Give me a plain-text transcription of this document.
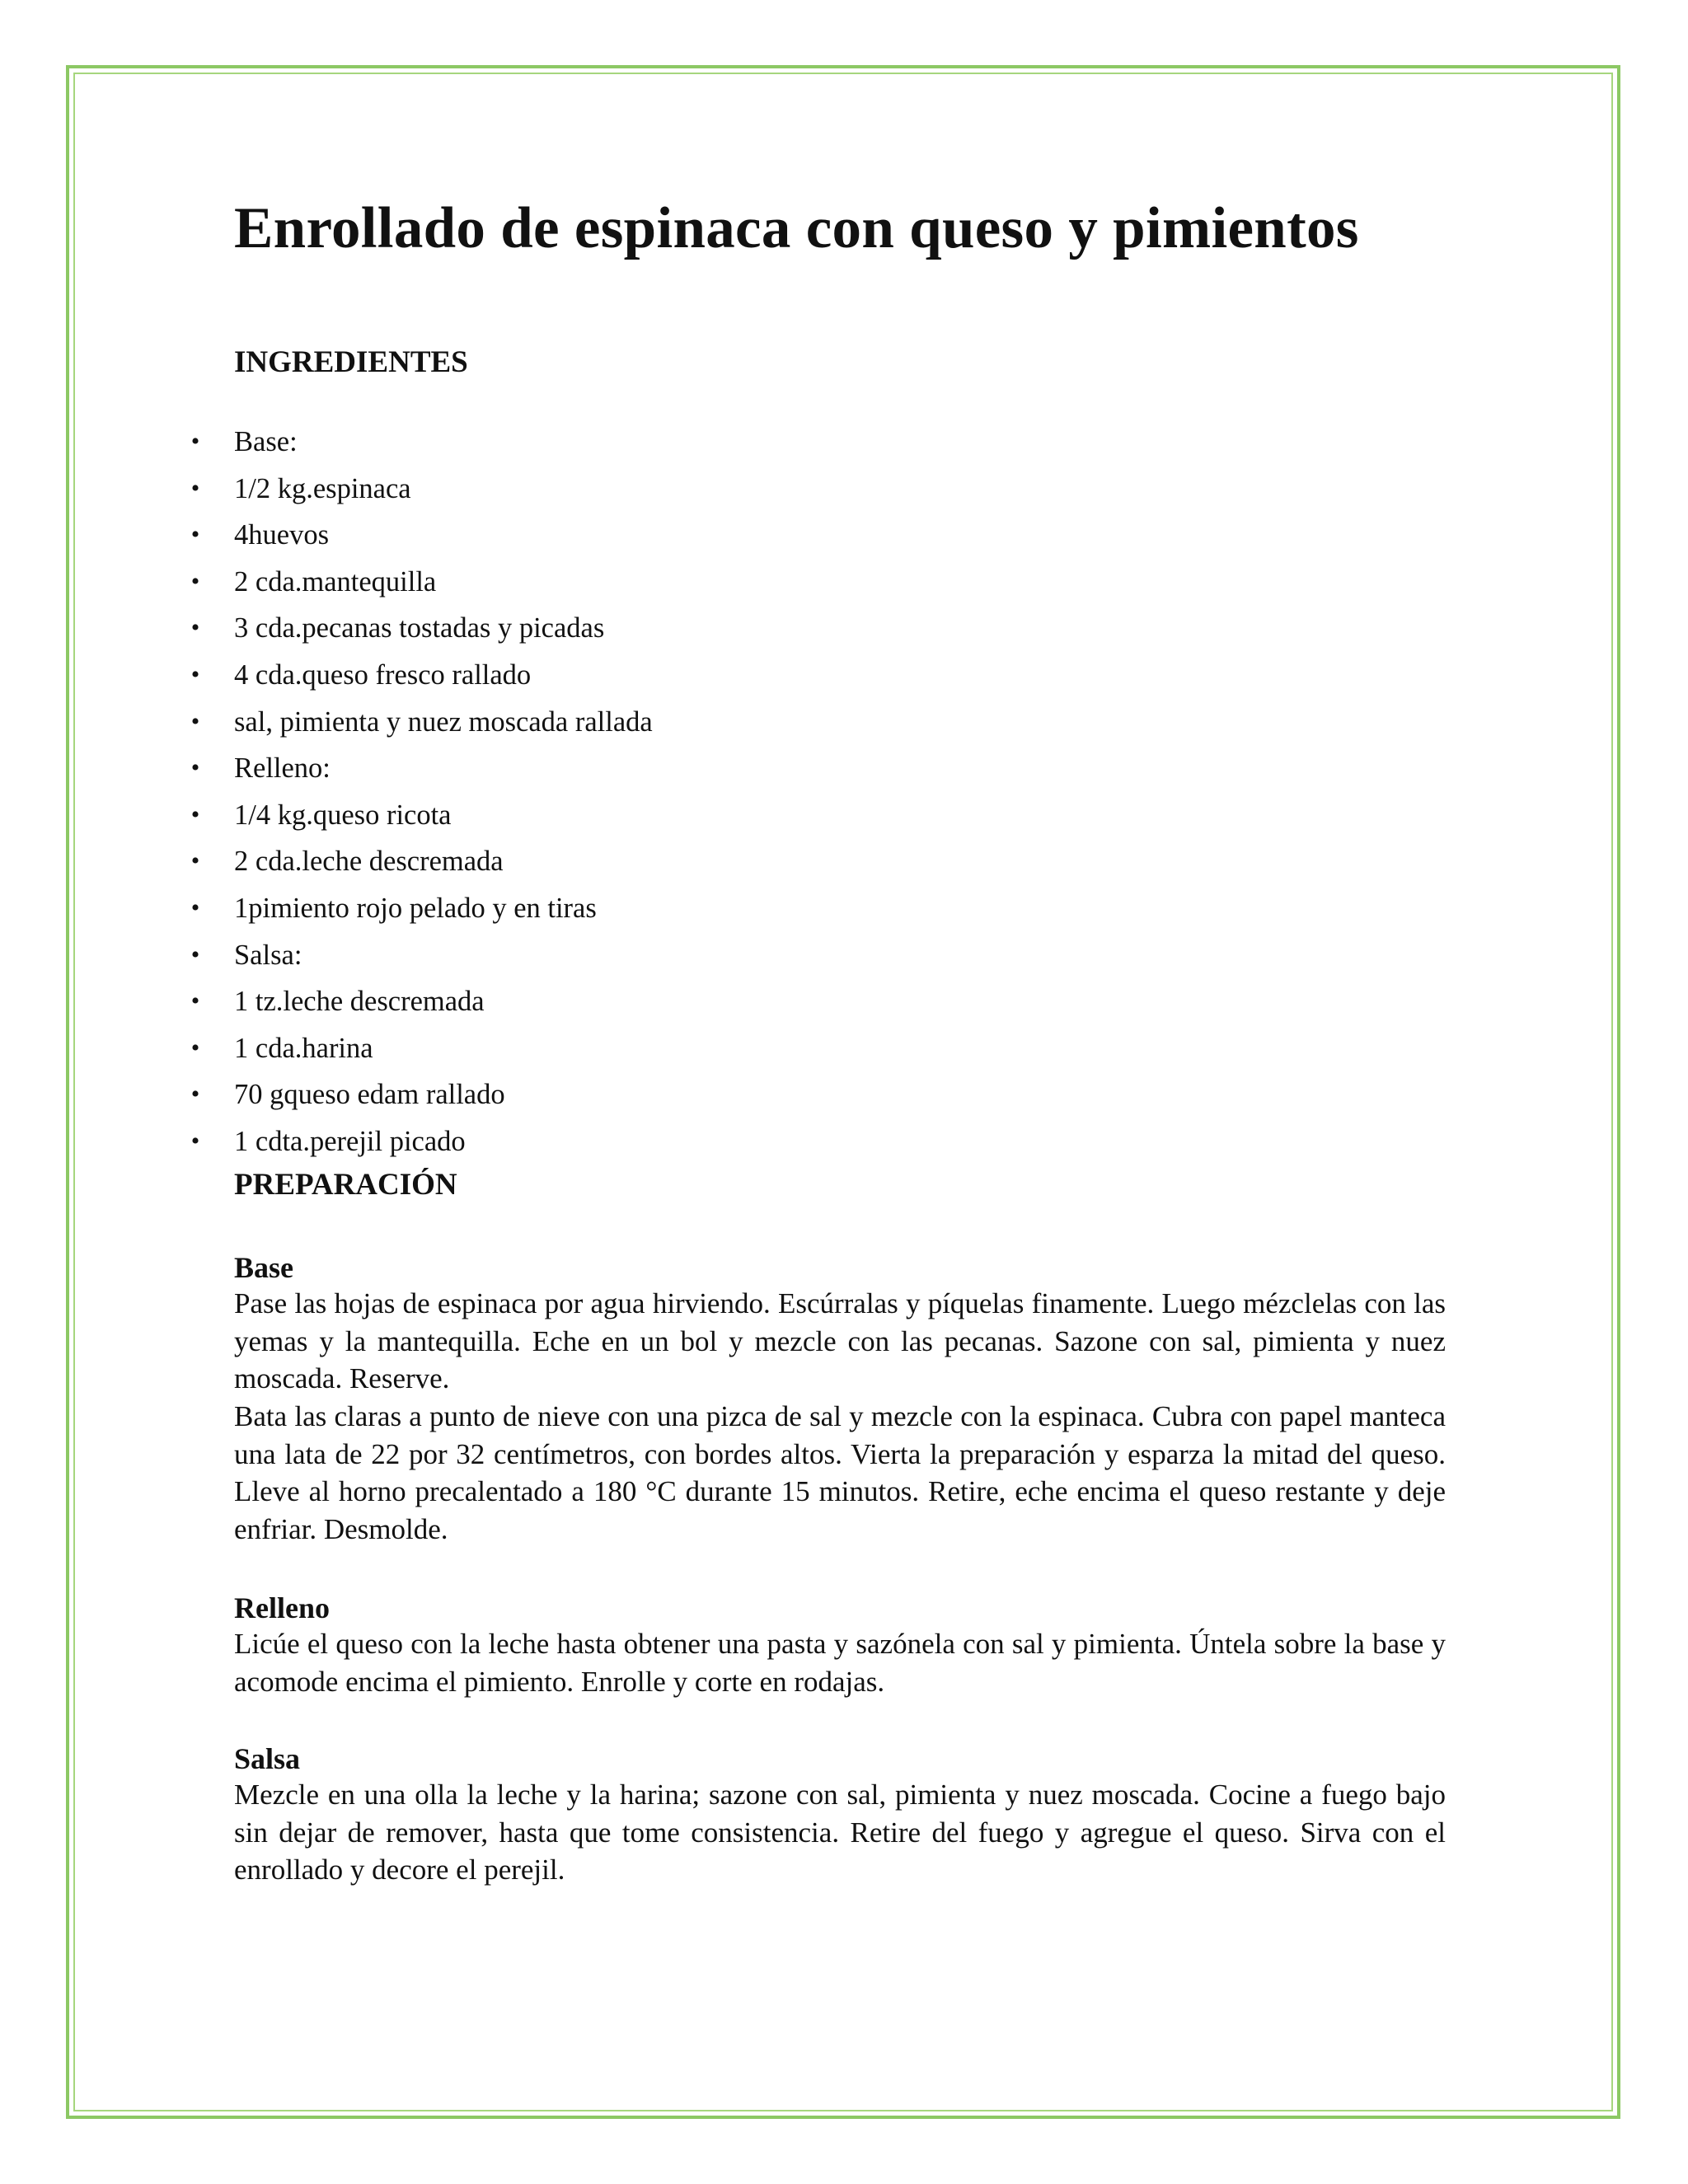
Enrollado de espinaca con queso y pimientos
INGREDIENTES
• Base:
• 1/2 kg.espinaca
• 4huevos
• 2 cda.mantequilla
• 3 cda.pecanas tostadas y picadas
• 4 cda.queso fresco rallado
• sal, pimienta y nuez moscada rallada
• Relleno:
• 1/4 kg.queso ricota
• 2 cda.leche descremada
• 1pimiento rojo pelado y en tiras
• Salsa:
• 1 tz.leche descremada
• 1 cda.harina
• 70 gqueso edam rallado
• 1 cdta.perejil picado
PREPARACIÓN
Base

Pase las hojas de espinaca por agua hirviendo. Escúrralas y píquelas finamente. Luego mézclelas con las yemas y la mantequilla. Eche en un bol y mezcle con las pecanas. Sazone con sal, pimienta y nuez moscada. Reserve.

Bata las claras a punto de nieve con una pizca de sal y mezcle con la espinaca. Cubra con papel manteca una lata de 22 por 32 centímetros, con bordes altos. Vierta la preparación y esparza la mitad del queso. Lleve al horno precalentado a 180 °C durante 15 minutos. Retire, eche encima el queso restante y deje enfriar. Desmolde.

Relleno

Licúe el queso con la leche hasta obtener una pasta y sazónela con sal y pimienta. Úntela sobre la base y acomode encima el pimiento. Enrolle y corte en rodajas.

Salsa

Mezcle en una olla la leche y la harina; sazone con sal, pimienta y nuez moscada. Cocine a fuego bajo sin dejar de remover, hasta que tome consistencia. Retire del fuego y agregue el queso. Sirva con el enrollado y decore el perejil.
